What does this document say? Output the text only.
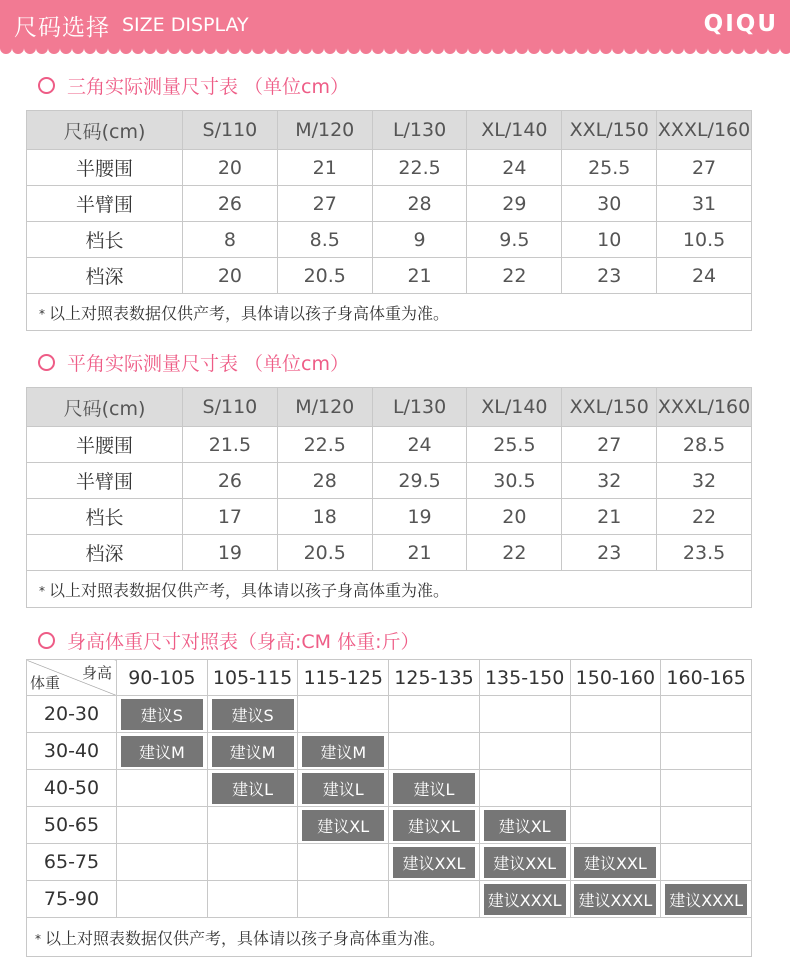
尺码选择 SIZE DISPLAY	QIQU
三角实际测量尺寸表 （单位cm）
尺码(cm)	S/110	M/120	L/130	XL/140	XXL/150	XXXL/160
半腰围	20	21	22.5	24	25.5	27
半臂围	26	27	28	29	30	31
档长	8	8.5	9	9.5	10	10.5
档深	20	20.5	21	22	23	24
* 以上对照表数据仅供产考，具体请以孩子身高体重为准。						
平角实际测量尺寸表 （单位cm）
尺码(cm)	S/110	M/120	L/130	XL/140	XXL/150	XXXL/160
半腰围	21.5	22.5	24	25.5	27	28.5
半臂围	26	28	29.5	30.5	32	32
档长	17	18	19	20	21	22
档深	19	20.5	21	22	23	23.5
* 以上对照表数据仅供产考，具体请以孩子身高体重为准。						
身高体重尺寸对照表（身高:CM 体重:斤）
身高
体重	90-105	105-115	115-125	125-135	135-150	150-160	160-165
20-30	建议S	建议S					
30-40	建议M	建议M	建议M				
40-50		建议L	建议L	建议L			
50-65			建议XL	建议XL	建议XL		
65-75				建议XXL	建议XXL	建议XXL	
75-90					建议XXXL	建议XXXL	建议XXXL
* 以上对照表数据仅供产考，具体请以孩子身高体重为准。							
